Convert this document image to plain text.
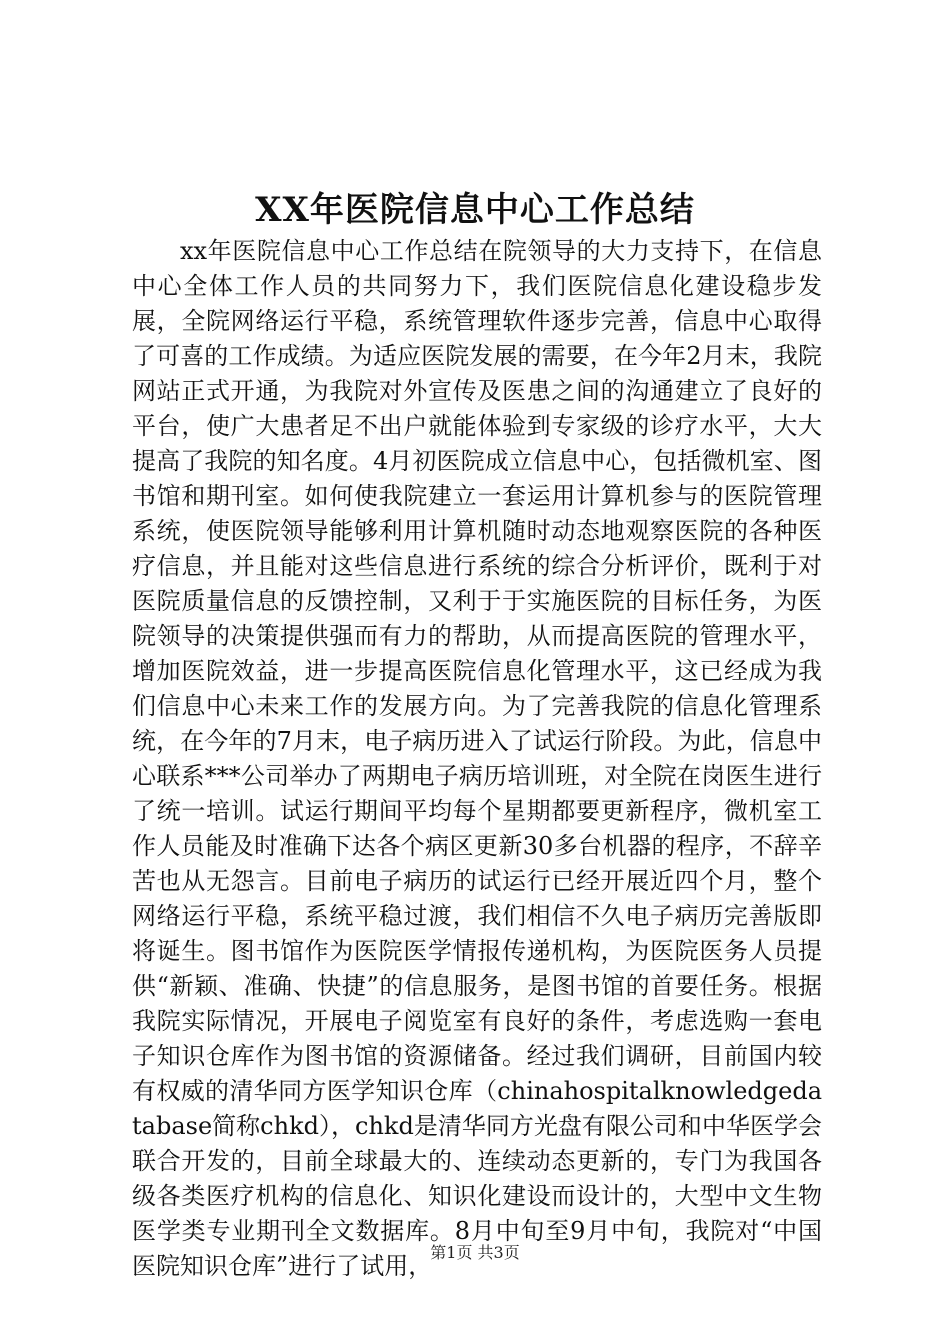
XX年医院信息中心工作总结

xx年医院信息中心工作总结在院领导的大力支持下，在信息中心全体工作人员的共同努力下，我们医院信息化建设稳步发展，全院网络运行平稳，系统管理软件逐步完善，信息中心取得了可喜的工作成绩。为适应医院发展的需要，在今年2月末，我院网站正式开通，为我院对外宣传及医患之间的沟通建立了良好的平台，使广大患者足不出户就能体验到专家级的诊疗水平，大大提高了我院的知名度。4月初医院成立信息中心，包括微机室、图书馆和期刊室。如何使我院建立一套运用计算机参与的医院管理系统，使医院领导能够利用计算机随时动态地观察医院的各种医疗信息，并且能对这些信息进行系统的综合分析评价，既利于对医院质量信息的反馈控制，又利于于实施医院的目标任务，为医院领导的决策提供强而有力的帮助，从而提高医院的管理水平，增加医院效益，进一步提高医院信息化管理水平，这已经成为我们信息中心未来工作的发展方向。为了完善我院的信息化管理系统，在今年的7月末，电子病历进入了试运行阶段。为此，信息中心联系***公司举办了两期电子病历培训班，对全院在岗医生进行了统一培训。试运行期间平均每个星期都要更新程序，微机室工作人员能及时准确下达各个病区更新30多台机器的程序，不辞辛苦也从无怨言。目前电子病历的试运行已经开展近四个月，整个网络运行平稳，系统平稳过渡，我们相信不久电子病历完善版即将诞生。图书馆作为医院医学情报传递机构，为医院医务人员提供“新颖、准确、快捷”的信息服务，是图书馆的首要任务。根据我院实际情况，开展电子阅览室有良好的条件，考虑选购一套电子知识仓库作为图书馆的资源储备。经过我们调研，目前国内较有权威的清华同方医学知识仓库（chinahospitalknowledgedatabase简称chkd），chkd是清华同方光盘有限公司和中华医学会联合开发的，目前全球最大的、连续动态更新的，专门为我国各级各类医疗机构的信息化、知识化建设而设计的，大型中文生物医学类专业期刊全文数据库。8月中旬至9月中旬，我院对“中国医院知识仓库”进行了试用，

第1页 共3页
